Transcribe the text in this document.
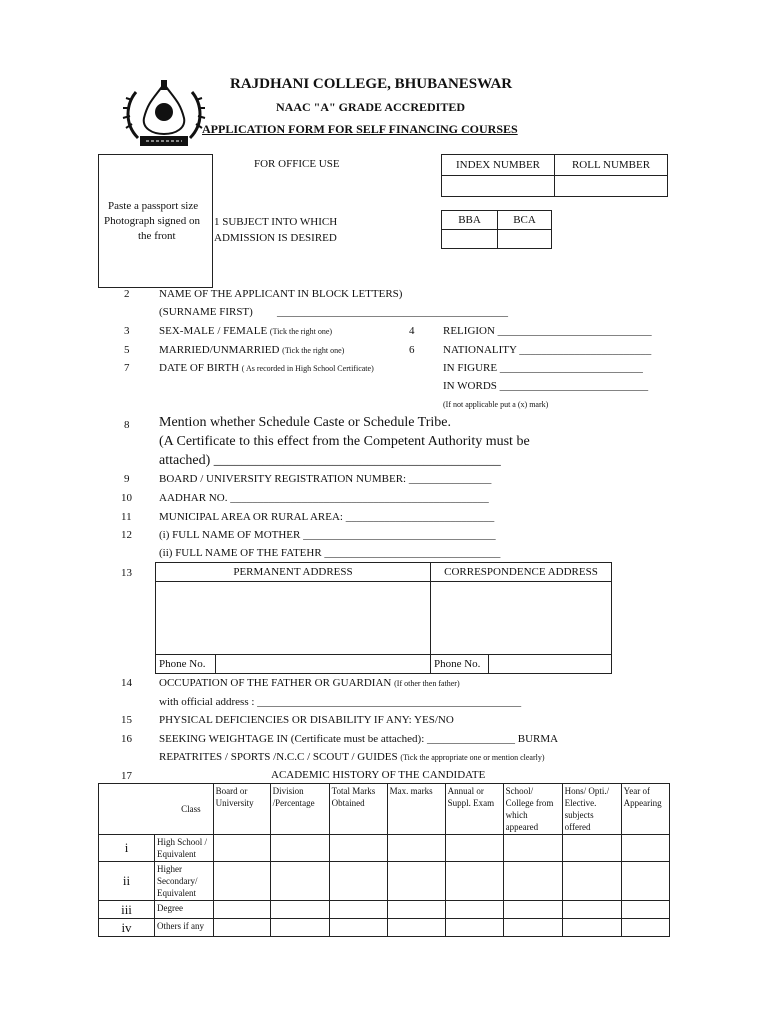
RAJDHANI COLLEGE, BHUBANESWAR
NAAC "A" GRADE ACCREDITED
APPLICATION FORM FOR SELF FINANCING COURSES
FOR OFFICE USE	INDEX NUMBER	ROLL NUMBER

Paste a passport size
Photograph signed on
the front
1 SUBJECT INTO WHICH
ADMISSION IS DESIRED
BBA	BCA

2	NAME OF THE APPLICANT IN BLOCK LETTERS)
(SURNAME FIRST) __________________________________________
3	SEX-MALE / FEMALE (Tick the right one)	4	RELIGION ____________________________
5	MARRIED/UNMARRIED (Tick the right one)	6	NATIONALITY ________________________
7	DATE OF BIRTH ( As recorded in High School Certificate)	IN FIGURE __________________________
IN WORDS ___________________________
(If not applicable put a (x) mark)
8 Mention whether Schedule Caste or Schedule Tribe.
(A Certificate to this effect from the Competent Authority must be
attached) _________________________________________
9	BOARD / UNIVERSITY REGISTRATION NUMBER: _______________
10 AADHAR NO. _______________________________________________
11 MUNICIPAL AREA OR RURAL AREA: ___________________________
12 (i) FULL NAME OF MOTHER ___________________________________
(ii) FULL NAME OF THE FATEHR ________________________________
13	PERMANENT ADDRESS		CORRESPONDENCE ADDRESS	

Phone No.		Phone No.	
14 OCCUPATION OF THE FATHER OR GUARDIAN (If other then father)
with official address : ________________________________________________
15 PHYSICAL DEFICIENCIES OR DISABILITY IF ANY: YES/NO
16 SEEKING WEIGHTAGE IN (Certificate must be attached): ________________ BURMA
REPATRITES / SPORTS /N.C.C / SCOUT / GUIDES (Tick the appropriate one or mention clearly)
17	ACADEMIC HISTORY OF THE CANDIDATE
Class		Board or University	Division /Percentage	Total Marks Obtained	Max. marks	Annual or Suppl. Exam	School/ College from which appeared	Hons/ Opti./ Elective. subjects offered	Year of Appearing
i	High School / Equivalent								
ii	Higher Secondary/ Equivalent								
iii	Degree								
iv	Others if any								
